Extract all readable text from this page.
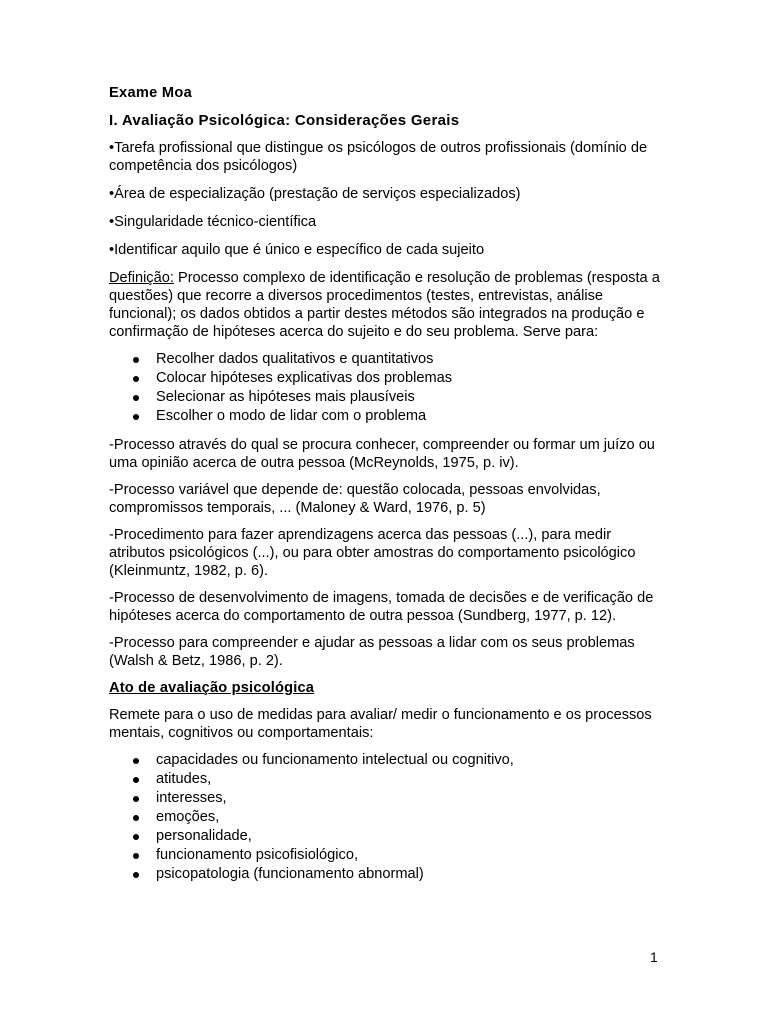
Exame Moa
I. Avaliação Psicológica: Considerações Gerais

•Tarefa profissional que distingue os psicólogos de outros profissionais (domínio de competência dos psicólogos)

•Área de especialização (prestação de serviços especializados)

•Singularidade técnico-científica

•Identificar aquilo que é único e específico de cada sujeito

Definição: Processo complexo de identificação e resolução de problemas (resposta a questões) que recorre a diversos procedimentos (testes, entrevistas, análise funcional); os dados obtidos a partir destes métodos são integrados na produção e confirmação de hipóteses acerca do sujeito e do seu problema. Serve para:

Recolher dados qualitativos e quantitativos
Colocar hipóteses explicativas dos problemas
Selecionar as hipóteses mais plausíveis
Escolher o modo de lidar com o problema

-Processo através do qual se procura conhecer, compreender ou formar um juízo ou uma opinião acerca de outra pessoa (McReynolds, 1975, p. iv).

-Processo variável que depende de: questão colocada, pessoas envolvidas, compromissos temporais, ... (Maloney & Ward, 1976, p. 5)

-Procedimento para fazer aprendizagens acerca das pessoas (...), para medir atributos psicológicos (...), ou para obter amostras do comportamento psicológico (Kleinmuntz, 1982, p. 6).

-Processo de desenvolvimento de imagens, tomada de decisões e de verificação de hipóteses acerca do comportamento de outra pessoa (Sundberg, 1977, p. 12).

-Processo para compreender e ajudar as pessoas a lidar com os seus problemas (Walsh & Betz, 1986, p. 2).

Ato de avaliação psicológica

Remete para o uso de medidas para avaliar/ medir o funcionamento e os processos mentais, cognitivos ou comportamentais:

capacidades ou funcionamento intelectual ou cognitivo,
atitudes,
interesses,
emoções,
personalidade,
funcionamento psicofisiológico,
psicopatologia (funcionamento abnormal)
1
